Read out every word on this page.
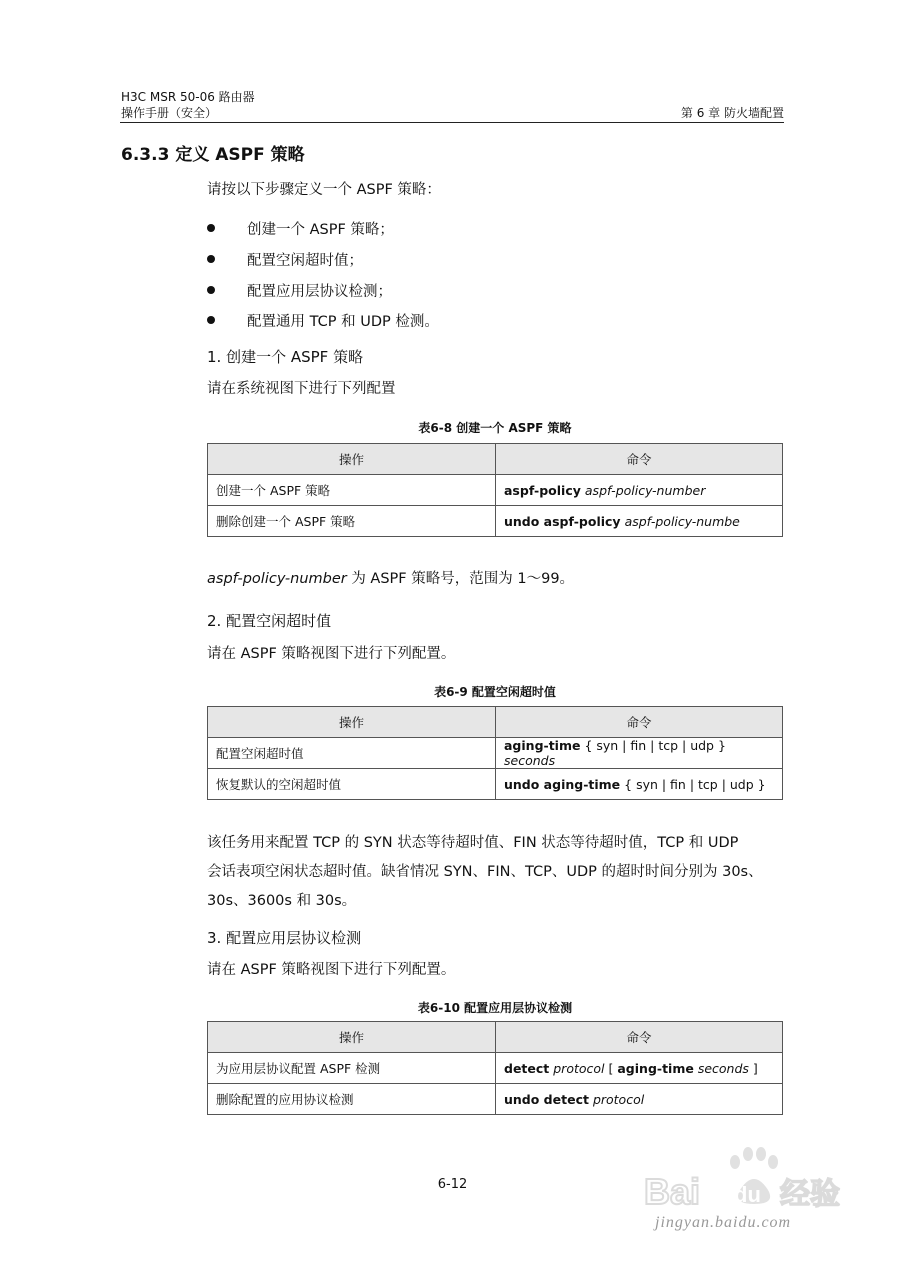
H3C MSR 50-06 路由器
操作手册（安全）	第 6 章 防火墙配置
6.3.3 定义 ASPF 策略
请按以下步骤定义一个 ASPF 策略：
创建一个 ASPF 策略；
配置空闲超时值；
配置应用层协议检测；
配置通用 TCP 和 UDP 检测。
1. 创建一个 ASPF 策略
请在系统视图下进行下列配置
表6-8 创建一个 ASPF 策略
操作	命令
创建一个 ASPF 策略	aspf-policy aspf-policy-number
删除创建一个 ASPF 策略	undo aspf-policy aspf-policy-numbe
aspf-policy-number 为 ASPF 策略号，范围为 1～99。
2. 配置空闲超时值
请在 ASPF 策略视图下进行下列配置。
表6-9 配置空闲超时值
操作	命令
配置空闲超时值	aging-time { syn | fin | tcp | udp } seconds
恢复默认的空闲超时值	undo aging-time { syn | fin | tcp | udp }
该任务用来配置 TCP 的 SYN 状态等待超时值、FIN 状态等待超时值，TCP 和 UDP
会话表项空闲状态超时值。缺省情况 SYN、FIN、TCP、UDP 的超时时间分别为 30s、
30s、3600s 和 30s。
3. 配置应用层协议检测
请在 ASPF 策略视图下进行下列配置。
表6-10 配置应用层协议检测
操作	命令
为应用层协议配置 ASPF 检测	detect protocol [ aging-time seconds ]
删除配置的应用协议检测	undo detect protocol
6-12	Bai du 经验
jingyan.baidu.com
